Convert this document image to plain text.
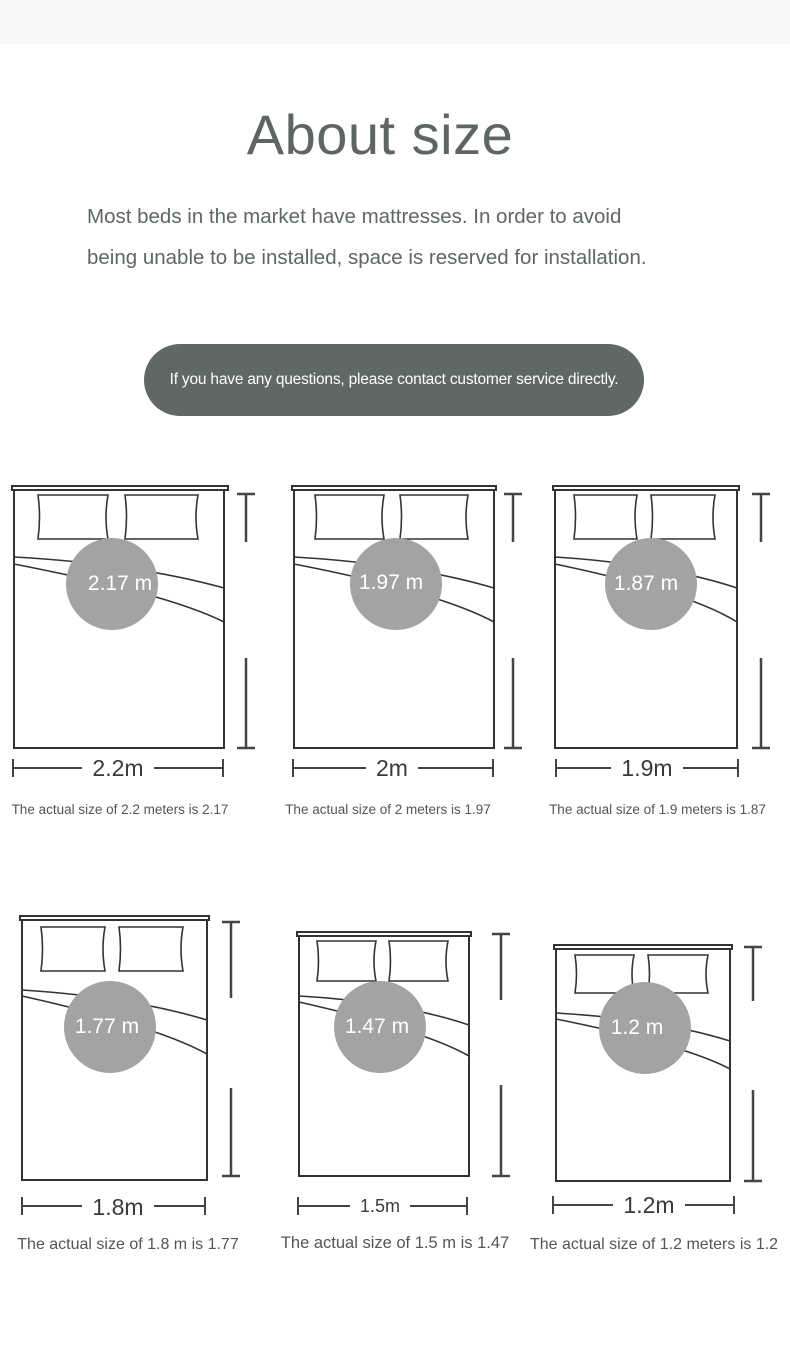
About size
Most beds in the market have mattresses. In order to avoid
being unable to be installed, space is reserved for installation.
If you have any questions, please contact customer service directly.
2.17 m
2.2m
1.97 m
2m
1.87 m
1.9m
The actual size of 2.2 meters is 2.17	The actual size of 2 meters is 1.97	The actual size of 1.9 meters is 1.87
1.77 m
1.8m
1.47 m
1.5m
1.2 m
1.2m
The actual size of 1.8 m is 1.77	The actual size of 1.5 m is 1.47	The actual size of 1.2 meters is 1.2
